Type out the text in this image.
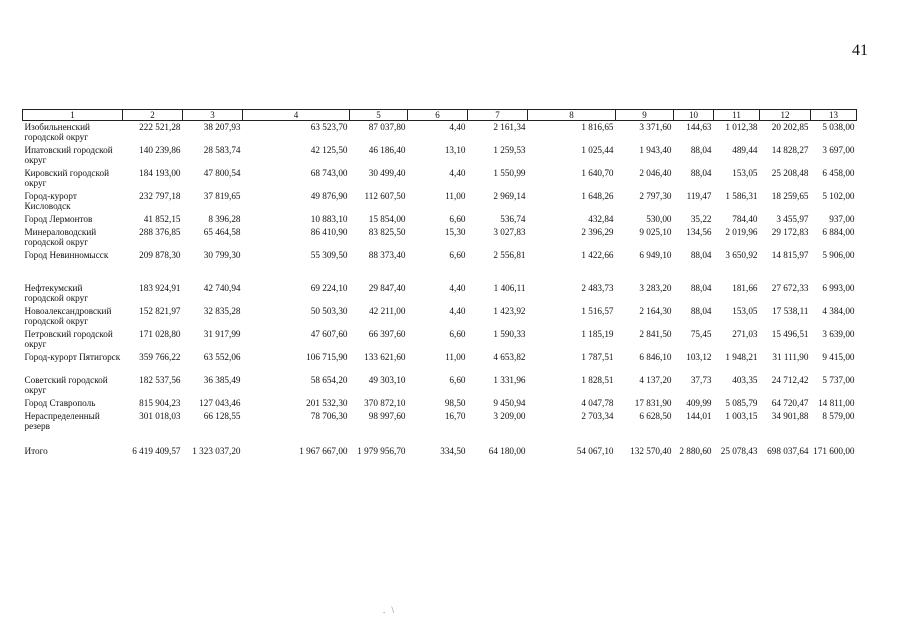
41
1	2	3	4	5	6	7	8	9	10	11	12	13
Изобильненский городской округ	222 521,28	38 207,93	63 523,70	87 037,80	4,40	2 161,34	1 816,65	3 371,60	144,63	1 012,38	20 202,85	5 038,00
Ипатовский городской округ	140 239,86	28 583,74	42 125,50	46 186,40	13,10	1 259,53	1 025,44	1 943,40	88,04	489,44	14 828,27	3 697,00
Кировский городской округ	184 193,00	47 800,54	68 743,00	30 499,40	4,40	1 550,99	1 640,70	2 046,40	88,04	153,05	25 208,48	6 458,00
Город-курорт Кисловодск	232 797,18	37 819,65	49 876,90	112 607,50	11,00	2 969,14	1 648,26	2 797,30	119,47	1 586,31	18 259,65	5 102,00
Город Лермонтов	41 852,15	8 396,28	10 883,10	15 854,00	6,60	536,74	432,84	530,00	35,22	784,40	3 455,97	937,00
Минераловодский городской округ	288 376,85	65 464,58	86 410,90	83 825,50	15,30	3 027,83	2 396,29	9 025,10	134,56	2 019,96	29 172,83	6 884,00
Город Невинномысск	209 878,30	30 799,30	55 309,50	88 373,40	6,60	2 556,81	1 422,66	6 949,10	88,04	3 650,92	14 815,97	5 906,00
Нефтекумский городской округ	183 924,91	42 740,94	69 224,10	29 847,40	4,40	1 406,11	2 483,73	3 283,20	88,04	181,66	27 672,33	6 993,00
Новоалександровский городской округ	152 821,97	32 835,28	50 503,30	42 211,00	4,40	1 423,92	1 516,57	2 164,30	88,04	153,05	17 538,11	4 384,00
Петровский городской округ	171 028,80	31 917,99	47 607,60	66 397,60	6,60	1 590,33	1 185,19	2 841,50	75,45	271,03	15 496,51	3 639,00
Город-курорт Пятигорск	359 766,22	63 552,06	106 715,90	133 621,60	11,00	4 653,82	1 787,51	6 846,10	103,12	1 948,21	31 111,90	9 415,00
Советский городской округ	182 537,56	36 385,49	58 654,20	49 303,10	6,60	1 331,96	1 828,51	4 137,20	37,73	403,35	24 712,42	5 737,00
Город Ставрополь	815 904,23	127 043,46	201 532,30	370 872,10	98,50	9 450,94	4 047,78	17 831,90	409,99	5 085,79	64 720,47	14 811,00
Нераспределенный резерв	301 018,03	66 128,55	78 706,30	98 997,60	16,70	3 209,00	2 703,34	6 628,50	144,01	1 003,15	34 901,88	8 579,00
Итого	6 419 409,57	1 323 037,20	1 967 667,00	1 979 956,70	334,50	64 180,00	54 067,10	132 570,40	2 880,60	25 078,43	698 037,64	171 600,00
. \
